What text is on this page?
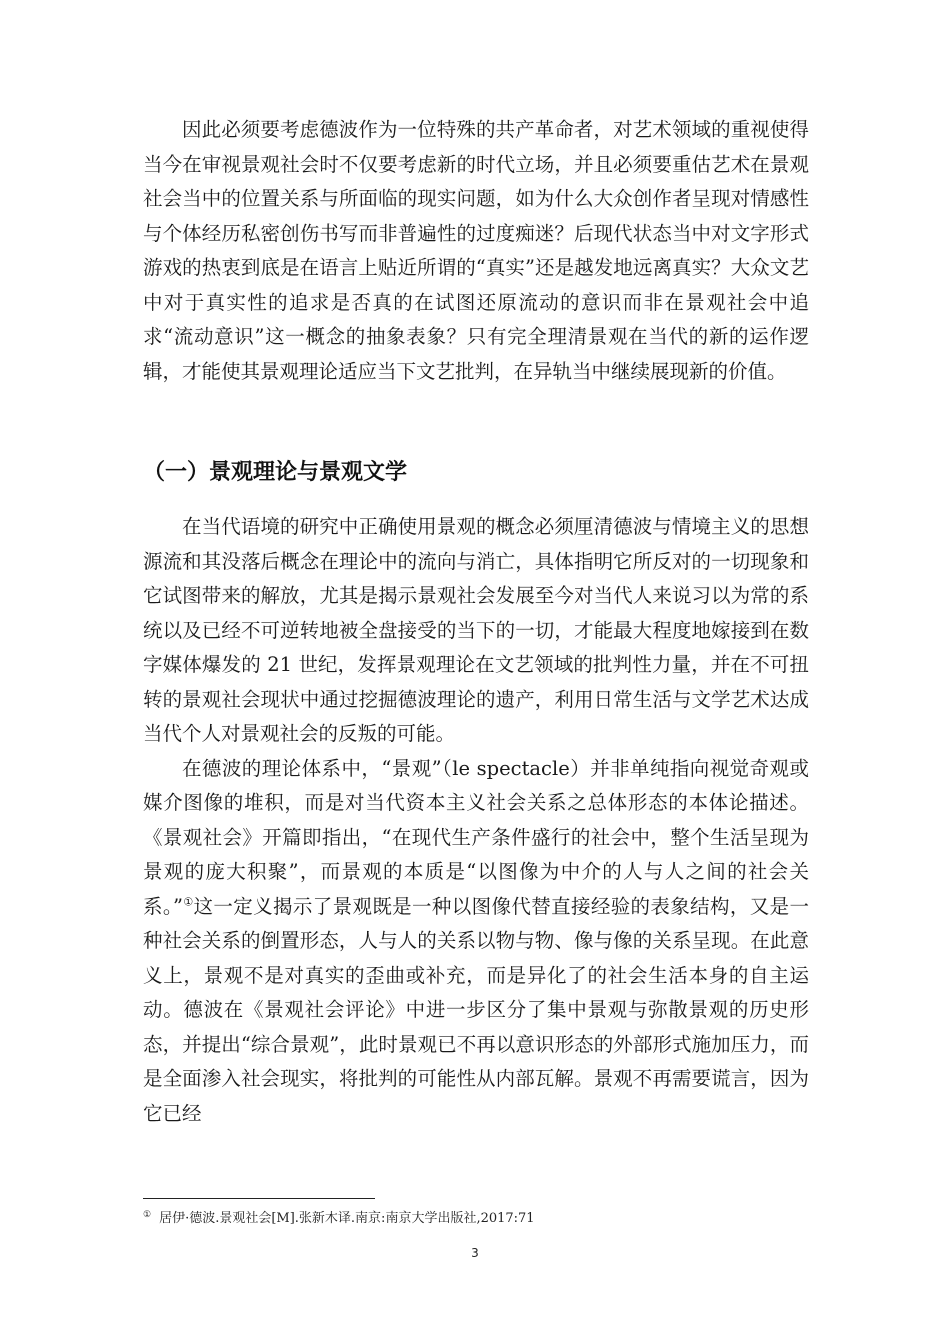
因此必须要考虑德波作为一位特殊的共产革命者，对艺术领域的重视使得当今在审视景观社会时不仅要考虑新的时代立场，并且必须要重估艺术在景观社会当中的位置关系与所面临的现实问题，如为什么大众创作者呈现对情感性与个体经历私密创伤书写而非普遍性的过度痴迷？后现代状态当中对文字形式游戏的热衷到底是在语言上贴近所谓的“真实”还是越发地远离真实？大众文艺中对于真实性的追求是否真的在试图还原流动的意识而非在景观社会中追求“流动意识”这一概念的抽象表象？只有完全理清景观在当代的新的运作逻辑，才能使其景观理论适应当下文艺批判，在异轨当中继续展现新的价值。

（一）景观理论与景观文学

在当代语境的研究中正确使用景观的概念必须厘清德波与情境主义的思想源流和其没落后概念在理论中的流向与消亡，具体指明它所反对的一切现象和它试图带来的解放，尤其是揭示景观社会发展至今对当代人来说习以为常的系统以及已经不可逆转地被全盘接受的当下的一切，才能最大程度地嫁接到在数字媒体爆发的 21 世纪，发挥景观理论在文艺领域的批判性力量，并在不可扭转的景观社会现状中通过挖掘德波理论的遗产，利用日常生活与文学艺术达成当代个人对景观社会的反叛的可能。

在德波的理论体系中，“景观”（le spectacle）并非单纯指向视觉奇观或媒介图像的堆积，而是对当代资本主义社会关系之总体形态的本体论描述。《景观社会》开篇即指出，“在现代生产条件盛行的社会中，整个生活呈现为景观的庞大积聚”，而景观的本质是“以图像为中介的人与人之间的社会关系。”①这一定义揭示了景观既是一种以图像代替直接经验的表象结构，又是一种社会关系的倒置形态，人与人的关系以物与物、像与像的关系呈现。在此意义上，景观不是对真实的歪曲或补充，而是异化了的社会生活本身的自主运动。德波在《景观社会评论》中进一步区分了集中景观与弥散景观的历史形态，并提出“综合景观”，此时景观已不再以意识形态的外部形式施加压力，而是全面渗入社会现实，将批判的可能性从内部瓦解。景观不再需要谎言，因为它已经

① 居伊·德波.景观社会[M].张新木译.南京:南京大学出版社,2017:71

3
